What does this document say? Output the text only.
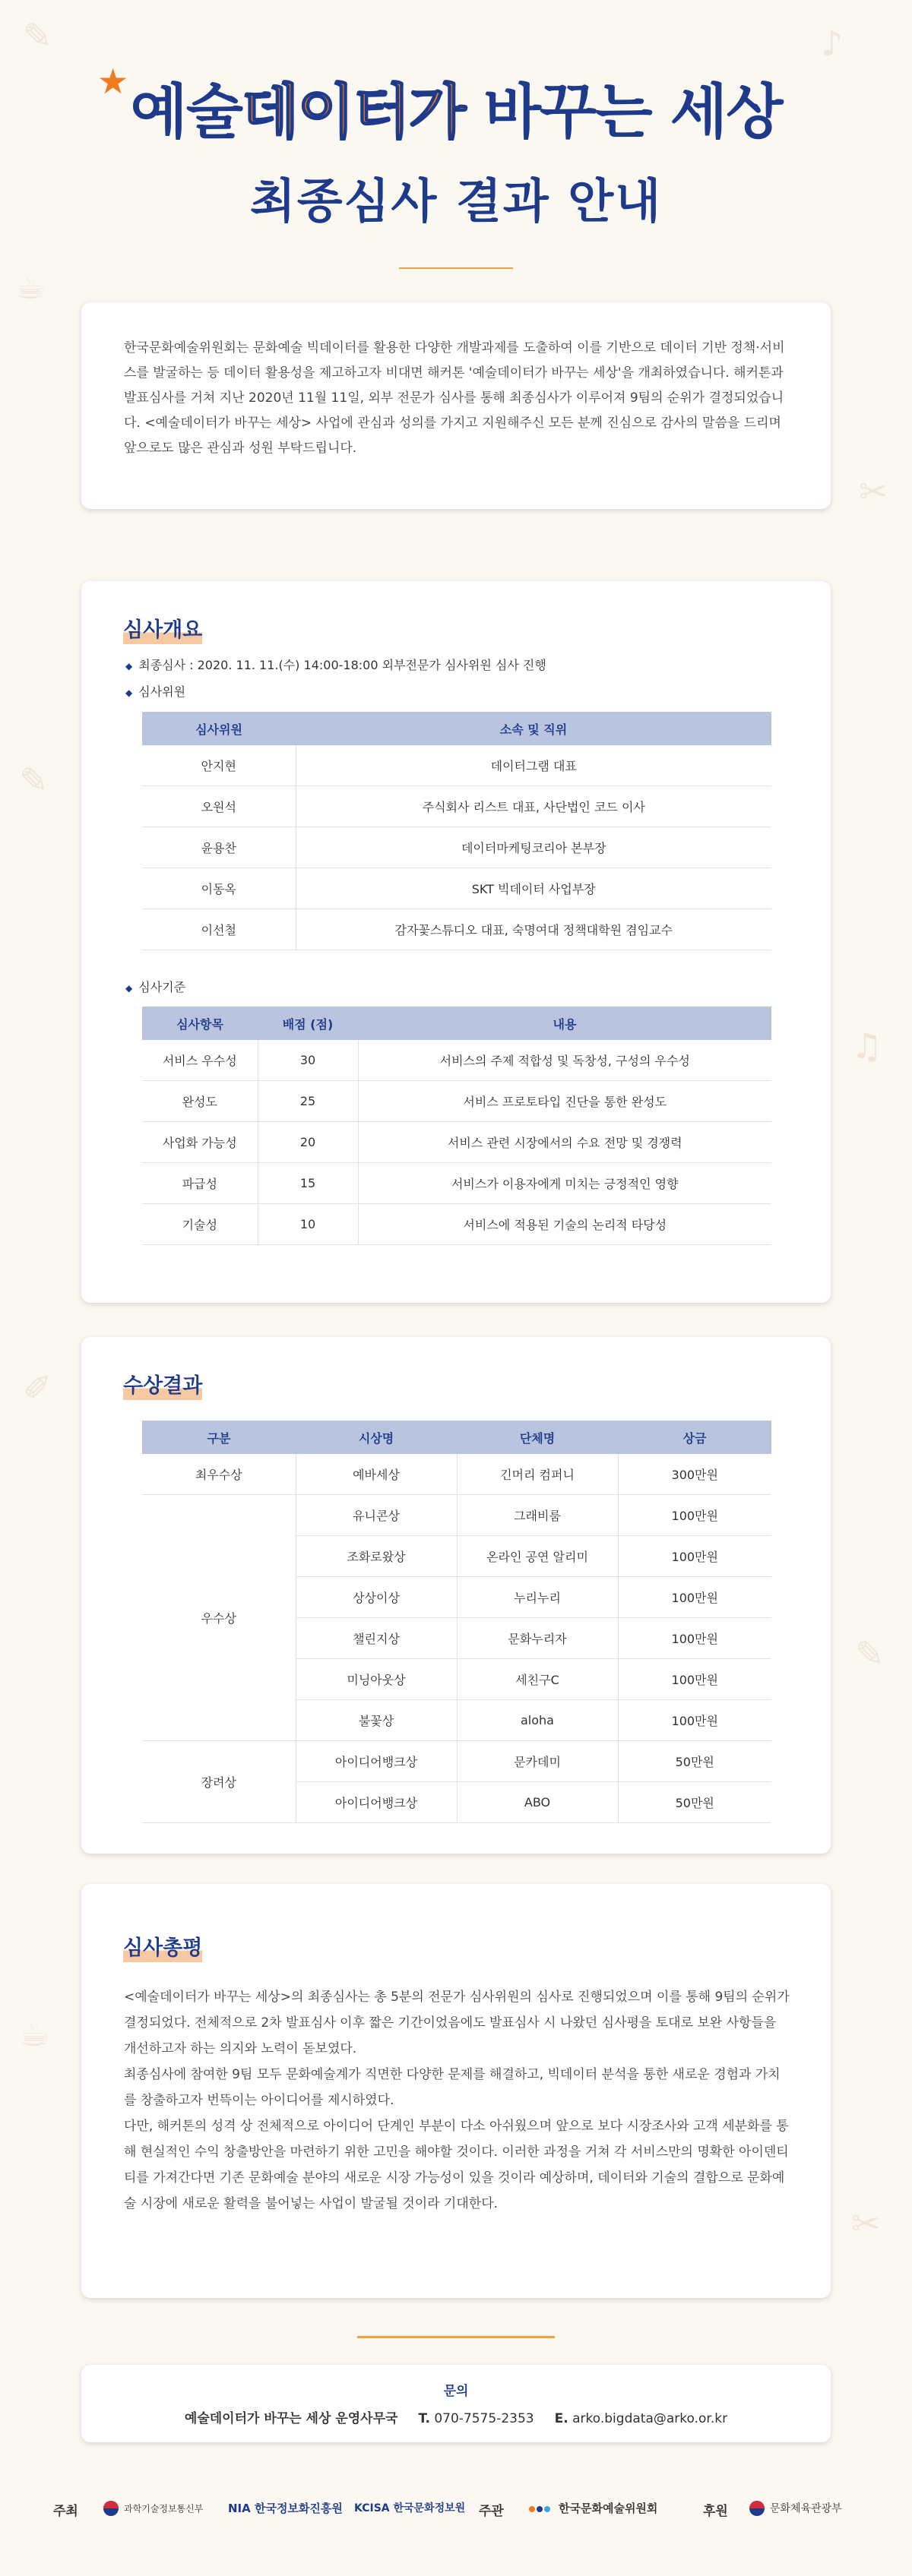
✎	♪
☕
✂
✎
♫
✐
✎
☕
✂
★ 예술데이터가 바꾸는 세상
최종심사 결과 안내

한국문화예술위원회는 문화예술 빅데이터를 활용한 다양한 개발과제를 도출하여 이를 기반으로 데이터 기반 정책·서비스를 발굴하는 등 데이터 활용성을 제고하고자 비대면 해커톤 '예술데이터가 바꾸는 세상'을 개최하였습니다. 해커톤과 발표심사를 거쳐 지난 2020년 11월 11일, 외부 전문가 심사를 통해 최종심사가 이루어져 9팀의 순위가 결정되었습니다. <예술데이터가 바꾸는 세상> 사업에 관심과 성의를 가지고 지원해주신 모든 분께 진심으로 감사의 말씀을 드리며 앞으로도 많은 관심과 성원 부탁드립니다.

심사개요
◆ 최종심사 : 2020. 11. 11.(수) 14:00-18:00 외부전문가 심사위원 심사 진행
◆ 심사위원
심사위원	소속 및 직위
안지현	데이터그램 대표
오원석	주식회사 리스트 대표, 사단법인 코드 이사
윤용찬	데이터마케팅코리아 본부장
이동옥	SKT 빅데이터 사업부장
이선철	감자꽃스튜디오 대표, 숙명여대 정책대학원 겸임교수
◆ 심사기준
심사항목	배점 (점)	내용
서비스 우수성	30	서비스의 주제 적합성 및 독창성, 구성의 우수성
완성도	25	서비스 프로토타입 진단을 통한 완성도
사업화 가능성	20	서비스 관련 시장에서의 수요 전망 및 경쟁력
파급성	15	서비스가 이용자에게 미치는 긍정적인 영향
기술성	10	서비스에 적용된 기술의 논리적 타당성
수상결과
구분	시상명	단체명	상금
최우수상	예바세상	긴머리 컴퍼니	300만원
우수상	유니콘상	그래비룸	100만원
	조화로왔상	온라인 공연 알리미	100만원
	상상이상	누리누리	100만원
	챌린지상	문화누리자	100만원
	미닝아웃상	세친구C	100만원
	불꽃상	aloha	100만원
장려상	아이디어뱅크상	문카데미	50만원
	아이디어뱅크상	ABO	50만원
심사총평

<예술데이터가 바꾸는 세상>의 최종심사는 총 5분의 전문가 심사위원의 심사로 진행되었으며 이를 통해 9팀의 순위가 결정되었다. 전체적으로 2차 발표심사 이후 짧은 기간이었음에도 발표심사 시 나왔던 심사평을 토대로 보완 사항들을 개선하고자 하는 의지와 노력이 돋보였다.

최종심사에 참여한 9팀 모두 문화예술계가 직면한 다양한 문제를 해결하고, 빅데이터 분석을 통한 새로운 경험과 가치를 창출하고자 번뜩이는 아이디어를 제시하였다.

다만, 해커톤의 성격 상 전체적으로 아이디어 단계인 부분이 다소 아쉬웠으며 앞으로 보다 시장조사와 고객 세분화를 통해 현실적인 수익 창출방안을 마련하기 위한 고민을 해야할 것이다. 이러한 과정을 거쳐 각 서비스만의 명확한 아이덴티티를 가져간다면 기존 문화예술 분야의 새로운 시장 가능성이 있을 것이라 예상하며, 데이터와 기술의 결합으로 문화예술 시장에 새로운 활력을 불어넣는 사업이 발굴될 것이라 기대한다.

문의
예술데이터가 바꾸는 세상 운영사무국 T. 070-7575-2353 E. arko.bigdata@arko.or.kr
주최	과학기술정보통신부 NIA 한국정보화진흥원 KCISA 한국문화정보원 주관	한국문화예술위원회	후원	문화체육관광부
